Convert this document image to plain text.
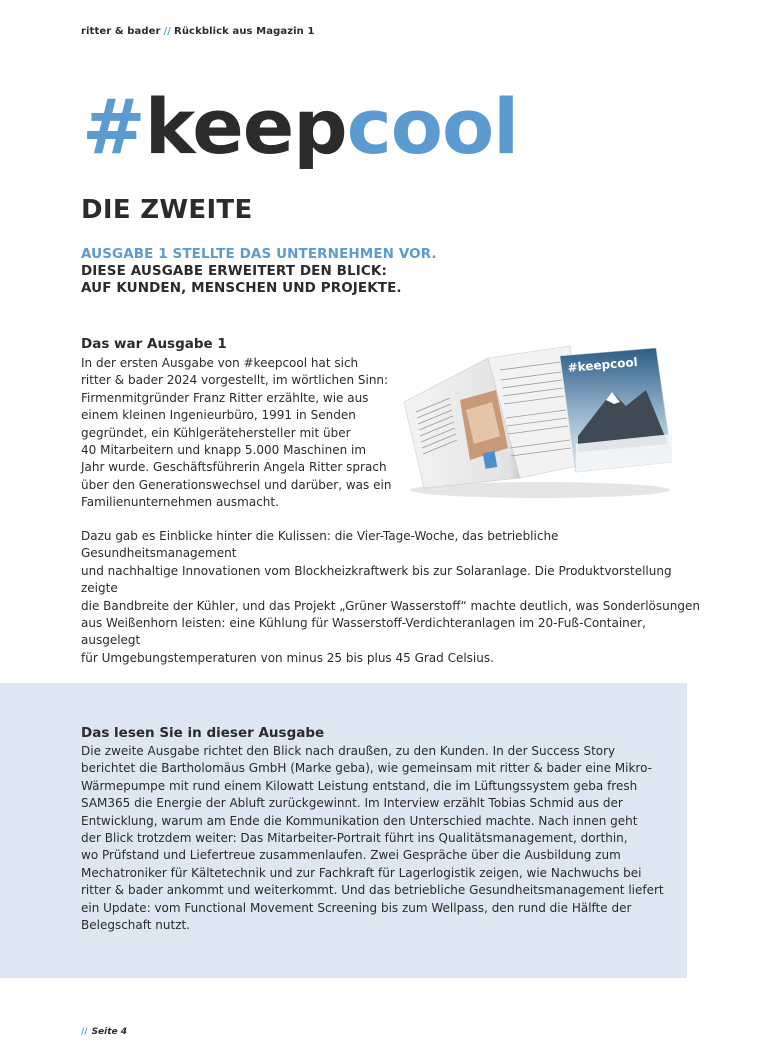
ritter & bader // Rückblick aus Magazin 1
#keepcool
DIE ZWEITE
AUSGABE 1 STELLTE DAS UNTERNEHMEN VOR.
DIESE AUSGABE ERWEITERT DEN BLICK:
AUF KUNDEN, MENSCHEN UND PROJEKTE.
Das war Ausgabe 1
In der ersten Ausgabe von #keepcool hat sich
ritter & bader 2024 vorgestellt, im wörtlichen Sinn:
Firmenmitgründer Franz Ritter erzählte, wie aus
einem kleinen Ingenieurbüro, 1991 in Senden
gegründet, ein Kühlgerätehersteller mit über
40 Mitarbeitern und knapp 5.000 Maschinen im
Jahr wurde. Geschäftsführerin Angela Ritter sprach
über den Generationswechsel und darüber, was ein
Familienunternehmen ausmacht.
#keepcool
Dazu gab es Einblicke hinter die Kulissen: die Vier-Tage-Woche, das betriebliche Gesundheitsmanagement
und nachhaltige Innovationen vom Blockheizkraftwerk bis zur Solaranlage. Die Produktvorstellung zeigte
die Bandbreite der Kühler, und das Projekt „Grüner Wasserstoff“ machte deutlich, was Sonderlösungen
aus Weißenhorn leisten: eine Kühlung für Wasserstoff-Verdichteranlagen im 20-Fuß-Container, ausgelegt
für Umgebungstemperaturen von minus 25 bis plus 45 Grad Celsius.
Das lesen Sie in dieser Ausgabe
Die zweite Ausgabe richtet den Blick nach draußen, zu den Kunden. In der Success Story
berichtet die Bartholomäus GmbH (Marke geba), wie gemeinsam mit ritter & bader eine Mikro-
Wärmepumpe mit rund einem Kilowatt Leistung entstand, die im Lüftungssystem geba fresh
SAM365 die Energie der Abluft zurückgewinnt. Im Interview erzählt Tobias Schmid aus der
Entwicklung, warum am Ende die Kommunikation den Unterschied machte. Nach innen geht
der Blick trotzdem weiter: Das Mitarbeiter-Portrait führt ins Qualitätsmanagement, dorthin,
wo Prüfstand und Liefertreue zusammenlaufen. Zwei Gespräche über die Ausbildung zum
Mechatroniker für Kältetechnik und zur Fachkraft für Lagerlogistik zeigen, wie Nachwuchs bei
ritter & bader ankommt und weiterkommt. Und das betriebliche Gesundheitsmanagement liefert
ein Update: vom Functional Movement Screening bis zum Wellpass, den rund die Hälfte der
Belegschaft nutzt.
// Seite 4
